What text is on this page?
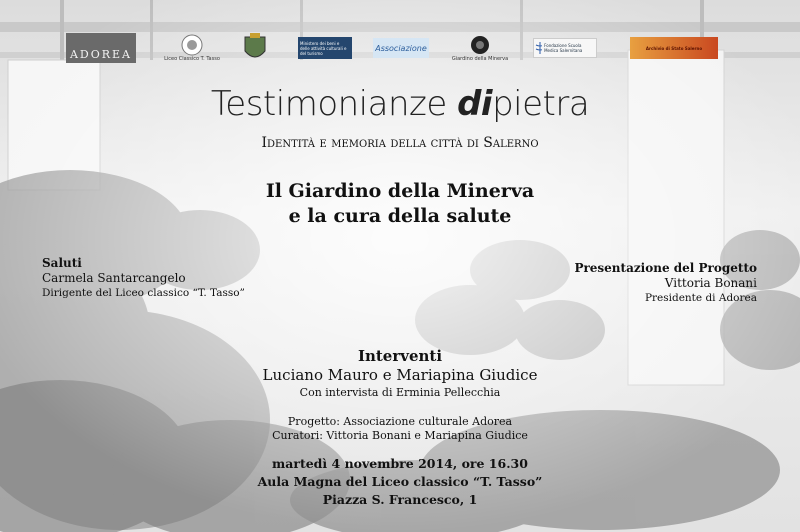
ADOREA	Liceo Classico T. Tasso
Ministero dei beni e delle attività culturali e del turismo
Associazione
Giardino della Minerva
Fondazione Scuola Medica Salernitana	Archivio di Stato Salerno
Testimonianze dipietra
Identità e memoria della città di Salerno
Il Giardino della Minerva
e la cura della salute
Saluti
Carmela Santarcangelo
Dirigente del Liceo classico “T. Tasso”
Presentazione del Progetto
Vittoria Bonani
Presidente di Adorea
Interventi
Luciano Mauro e Mariapina Giudice
Con intervista di Erminia Pellecchia
Progetto: Associazione culturale Adorea
Curatori: Vittoria Bonani e Mariapina Giudice
martedì 4 novembre 2014, ore 16.30
Aula Magna del Liceo classico “T. Tasso”
Piazza S. Francesco, 1
